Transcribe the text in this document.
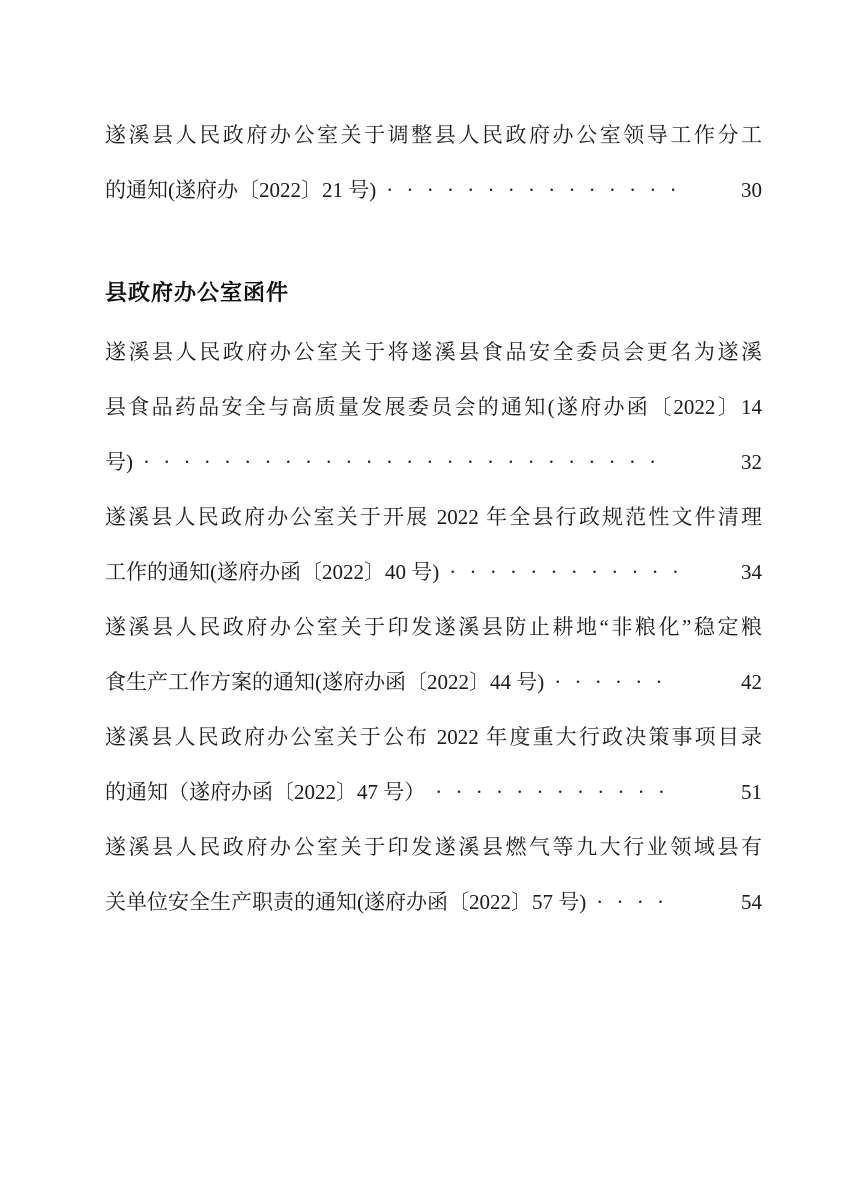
遂溪县人民政府办公室关于调整县人民政府办公室领导工作分工
的通知(遂府办〔2022〕21 号) · · · · · · · · · · · · · · ·	30
县政府办公室函件
遂溪县人民政府办公室关于将遂溪县食品安全委员会更名为遂溪
县食品药品安全与高质量发展委员会的通知(遂府办函〔2022〕14
号) · · · · · · · · · · · · · · · · · · · · · · · · · ·	32
遂溪县人民政府办公室关于开展 2022 年全县行政规范性文件清理
工作的通知(遂府办函〔2022〕40 号) · · · · · · · · · · · ·	34
遂溪县人民政府办公室关于印发遂溪县防止耕地“非粮化”稳定粮
食生产工作方案的通知(遂府办函〔2022〕44 号) · · · · · ·	42
遂溪县人民政府办公室关于公布 2022 年度重大行政决策事项目录
的通知（遂府办函〔2022〕47 号） · · · · · · · · · · · ·	51
遂溪县人民政府办公室关于印发遂溪县燃气等九大行业领域县有
关单位安全生产职责的通知(遂府办函〔2022〕57 号) · · · ·	54
